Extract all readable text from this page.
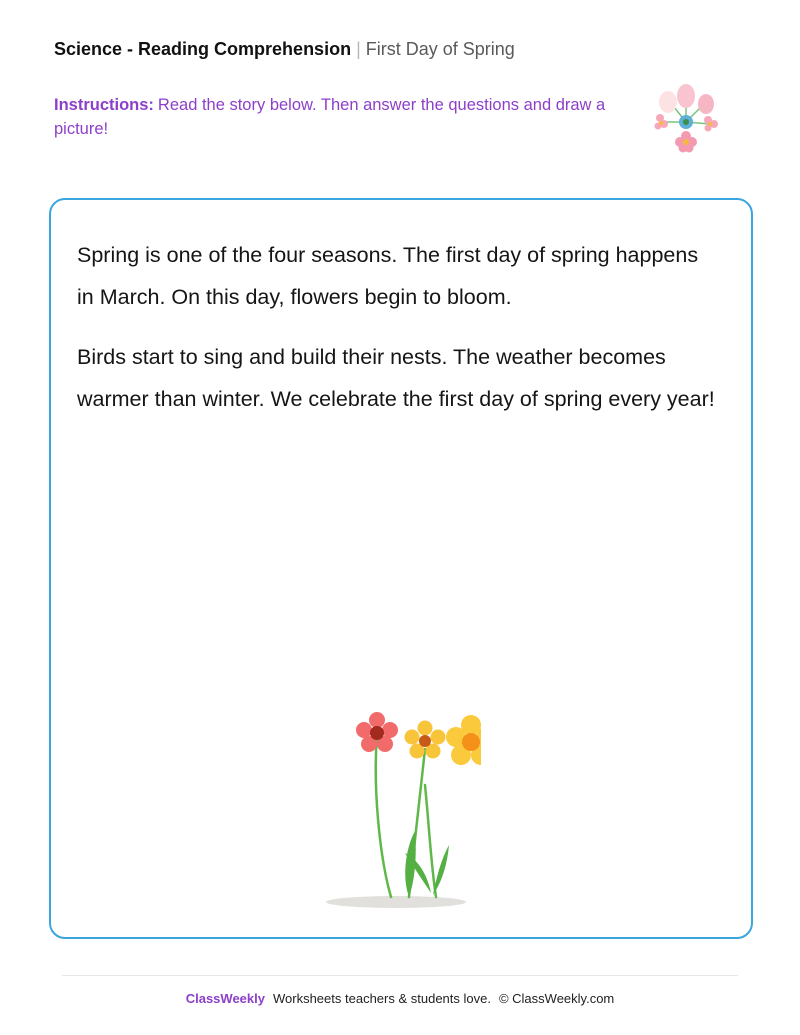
Science - Reading Comprehension | First Day of Spring
Instructions: Read the story below. Then answer the questions and draw a picture!

Spring is one of the four seasons. The first day of spring happens in March. On this day, flowers begin to bloom.

Birds start to sing and build their nests. The weather becomes warmer than winter. We celebrate the first day of spring every year!

ClassWeekly Worksheets teachers & students love. © ClassWeekly.com
